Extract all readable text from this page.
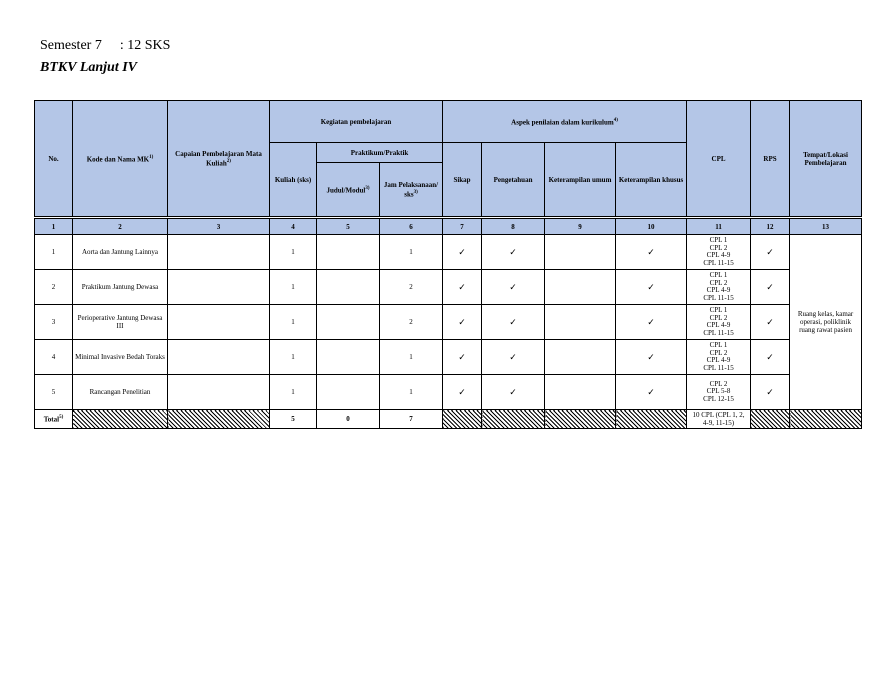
Semester 7 : 12 SKS
BTKV Lanjut IV
No.	Kode dan Nama MK$^{1)}$	Capaian Pembelajaran Mata Kuliah$^{2)}$	Kegiatan pembelajaran			Aspek penilaian dalam kurikulum$^{4)}$				CPL	RPS	Tempat/Lokasi Pembelajaran
			Kuliah (sks)	Praktikum/Praktik		Sikap	Pengetahuan	Keterampilan umum	Keterampilan khusus			
				Judul/Modul$^{3)}$	Jam Pelaksanaan/ sks$^{3)}$
1	2	3	4	5	6	7	8	9	10	11	12	13
1	Aorta dan Jantung Lainnya		1		1	✓	✓		✓	CPL 1
CPL 2
CPL 4-9
CPL 11-15	✓	Ruang kelas, kamar operasi, poliklinik ruang rawat pasien
2	Praktikum Jantung Dewasa		1		2	✓	✓		✓	CPL 1
CPL 2
CPL 4-9
CPL 11-15	✓	
3	Perioperative Jantung Dewasa III		1		2	✓	✓		✓	CPL 1
CPL 2
CPL 4-9
CPL 11-15	✓	
4	Minimal Invasive Bedah Toraks		1		1	✓	✓		✓	CPL 1
CPL 2
CPL 4-9
CPL 11-15	✓	
5	Rancangan Penelitian		1		1	✓	✓		✓	CPL 2
CPL 5-8
CPL 12-15	✓	
Total$^{5)}$			5	0	7					10 CPL (CPL 1, 2, 4-9, 11-15)		
